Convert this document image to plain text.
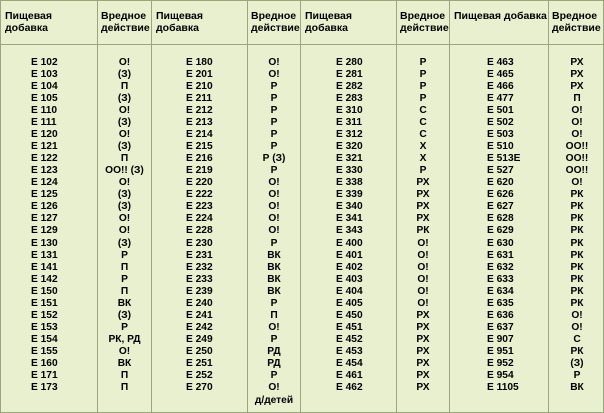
Пищевая добавка
E 102
E 103
E 104
E 105
E 110
E 111
E 120
E 121
E 122
E 123
E 124
E 125
E 126
E 127
E 129
E 130
E 131
E 141
E 142
E 150
E 151
E 152
E 153
E 154
E 155
E 160
E 171
E 173
Вредное
действие
О!
(З)
П
(З)
О!
(З)
О!
(З)
П
ОО!! (З)
О!
(З)
(З)
О!
О!
(З)
Р
П
Р
П
ВК
(З)
Р
РК, РД
О!
ВК
П
П
Пищевая добавка
E 180
E 201
E 210
E 211
E 212
E 213
E 214
E 215
E 216
E 219
E 220
E 222
E 223
E 224
E 228
E 230
E 231
E 232
E 233
E 239
E 240
E 241
E 242
E 249
E 250
E 251
E 252
E 270
Вредное
действие
О!
О!
Р
Р
Р
Р
Р
Р
Р (З)
Р
О!
О!
О!
О!
О!
Р
ВК
ВК
ВК
ВК
Р
П
О!
Р
РД
РД
Р
О!
д/детей
Пищевая добавка
E 280
E 281
E 282
E 283
E 310
E 311
E 312
E 320
E 321
E 330
E 338
E 339
E 340
E 341
E 343
E 400
E 401
E 402
E 403
E 404
E 405
E 450
E 451
E 452
E 453
E 454
E 461
E 462
Вредное
действие
Р
Р
Р
Р
С
С
С
Х
Х
Р
РХ
РХ
РХ
РХ
РК
О!
О!
О!
О!
О!
О!
РХ
РХ
РХ
РХ
РХ
РХ
РХ
Пищевая добавка
E 463
E 465
E 466
E 477
E 501
E 502
E 503
E 510
E 513E
E 527
E 620
E 626
E 627
E 628
E 629
E 630
E 631
E 632
E 633
E 634
E 635
E 636
E 637
E 907
E 951
E 952
E 954
E 1105
Вредное
действие
РХ
РХ
РХ
П
О!
О!
О!
ОО!!
ОО!!
ОО!!
О!
РК
РК
РК
РК
РК
РК
РК
РК
РК
РК
О!
О!
С
РК
(З)
Р
ВК
